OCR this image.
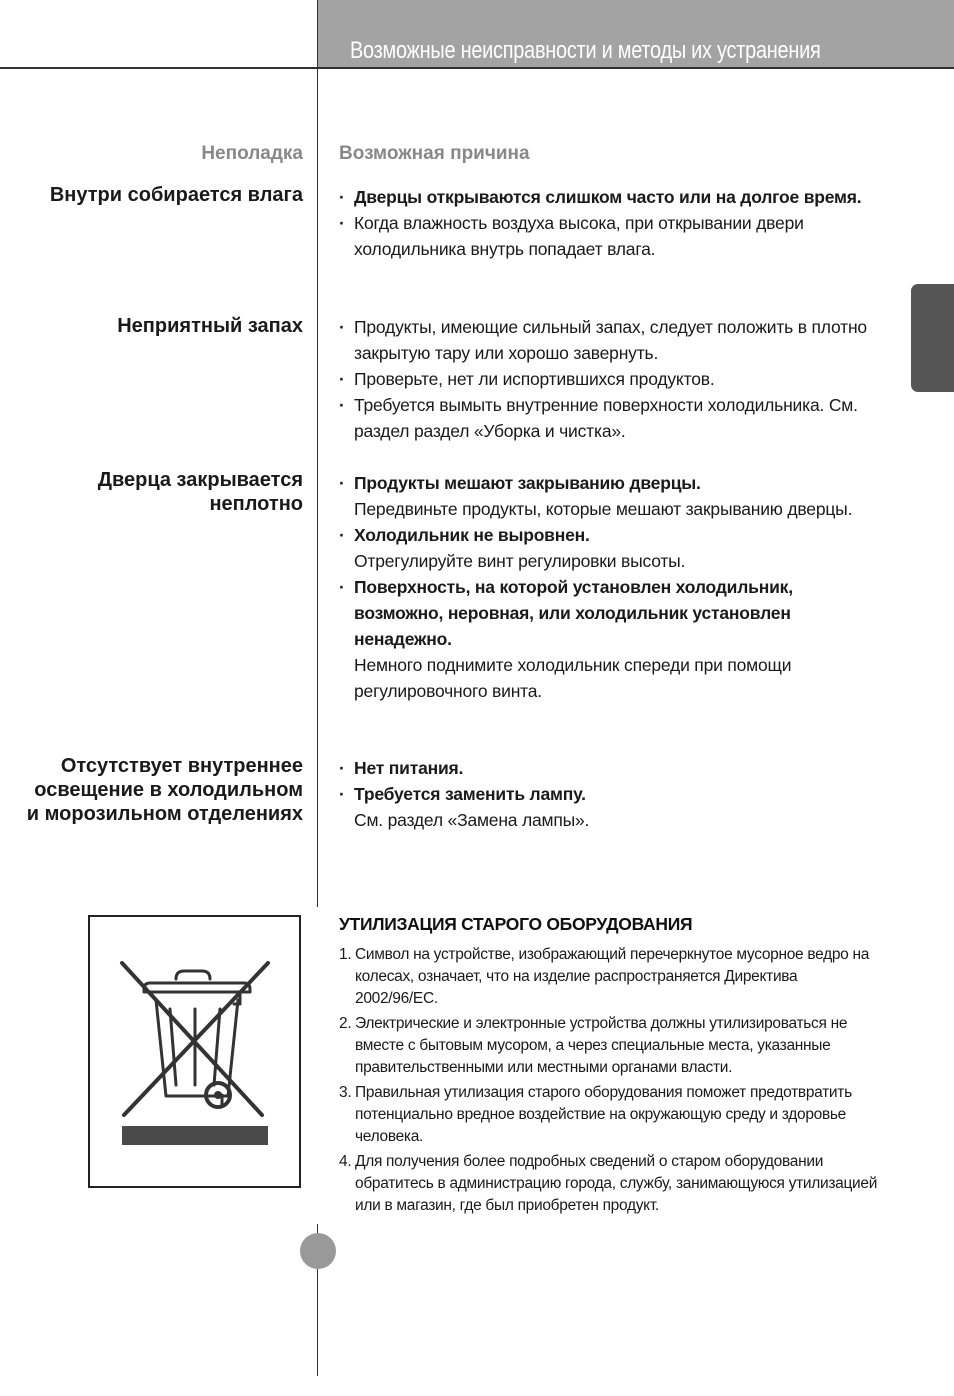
Возможные неисправности и методы их устранения
Неполадка Возможная причина
Внутри собирается влага	· Дверцы открываются слишком часто или на долгое время.
· Когда влажность воздуха высока, при открывании двери холодильника внутрь попадает влага.
Неприятный запах	· Продукты, имеющие сильный запах, следует положить в плотно закрытую тару или хорошо завернуть.
· Проверьте, нет ли испортившихся продуктов.
· Требуется вымыть внутренние поверхности холодильника. См. раздел раздел «Уборка и чистка».
Дверца закрывается неплотно
· Продукты мешают закрыванию дверцы.
Передвиньте продукты, которые мешают закрыванию дверцы.
· Холодильник не выровнен.
Отрегулируйте винт регулировки высоты.
· Поверхность, на которой установлен холодильник, возможно, неровная, или холодильник установлен ненадежно.
Немного поднимите холодильник спереди при помощи регулировочного винта.
Отсутствует внутреннее освещение в холодильном и морозильном отделениях
· Нет питания.
· Требуется заменить лампу.
См. раздел «Замена лампы».
УТИЛИЗАЦИЯ СТАРОГО ОБОРУДОВАНИЯ
1. Символ на устройстве, изображающий перечеркнутое мусорное ведро на колесах, означает, что на изделие распространяется Директива 2002/96/EC.
2. Электрические и электронные устройства должны утилизироваться не вместе с бытовым мусором, а через специальные места, указанные правительственными или местными органами власти.
3. Правильная утилизация старого оборудования поможет предотвратить потенциально вредное воздействие на окружающую среду и здоровье человека.
4. Для получения более подробных сведений о старом оборудовании обратитесь в администрацию города, службу, занимающуюся утилизацией или в магазин, где был приобретен продукт.
